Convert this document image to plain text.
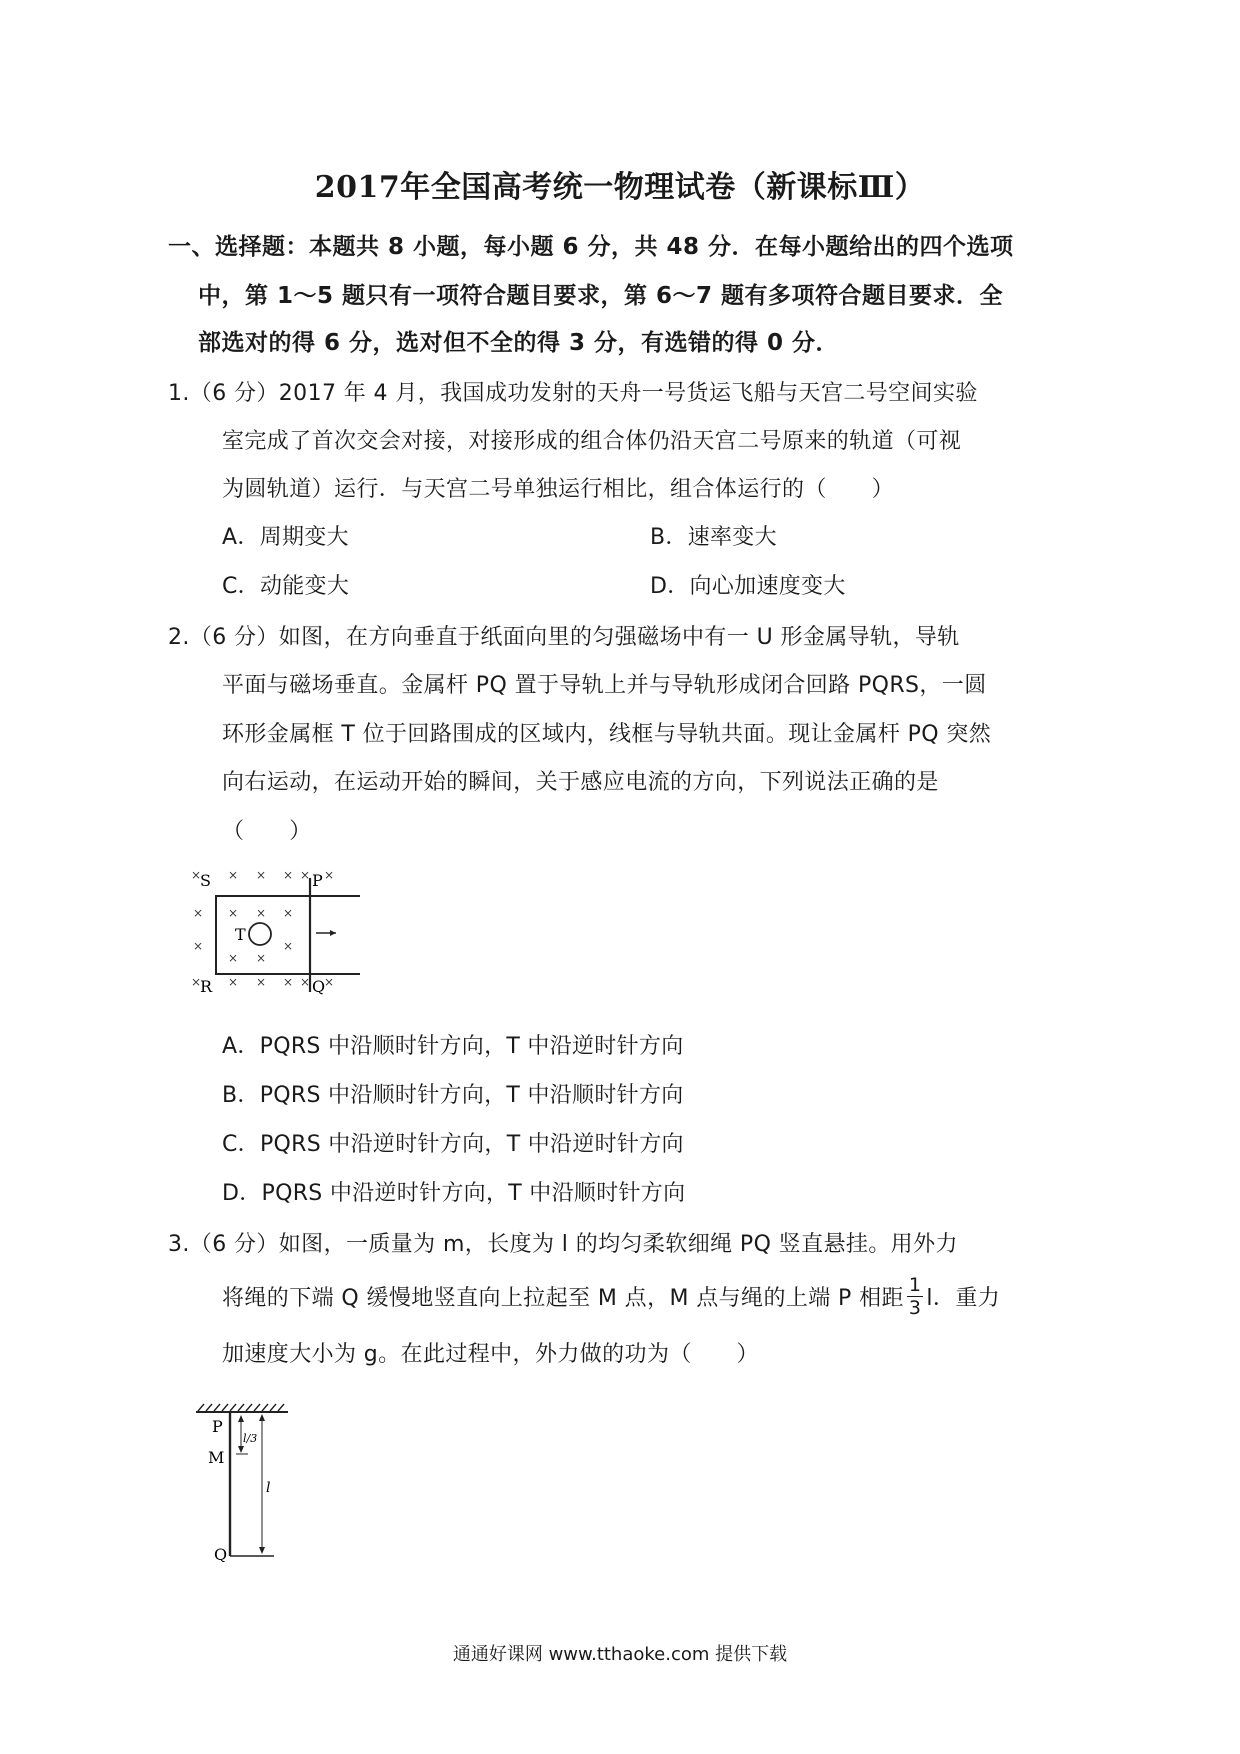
2017年全国高考统一物理试卷（新课标Ⅲ）
一、选择题：本题共 8 小题，每小题 6 分，共 48 分．在每小题给出的四个选项
中，第 1～5 题只有一项符合题目要求，第 6～7 题有多项符合题目要求．全
部选对的得 6 分，选对但不全的得 3 分，有选错的得 0 分．
1.（6 分）2017 年 4 月，我国成功发射的天舟一号货运飞船与天宫二号空间实验
室完成了首次交会对接，对接形成的组合体仍沿天宫二号原来的轨道（可视
为圆轨道）运行．与天宫二号单独运行相比，组合体运行的（　　）
A．周期变大	B．速率变大
C．动能变大	D．向心加速度变大
2.（6 分）如图，在方向垂直于纸面向里的匀强磁场中有一 U 形金属导轨，导轨
平面与磁场垂直。金属杆 PQ 置于导轨上并与导轨形成闭合回路 PQRS，一圆
环形金属框 T 位于回路围成的区域内，线框与导轨共面。现让金属杆 PQ 突然
向右运动，在运动开始的瞬间，关于感应电流的方向，下列说法正确的是
（　　）
S	P
T
R	Q
× × × × × ×
× × × ×
×	×
× ×
× × × × × ×
A．PQRS 中沿顺时针方向，T 中沿逆时针方向
B．PQRS 中沿顺时针方向，T 中沿顺时针方向
C．PQRS 中沿逆时针方向，T 中沿逆时针方向
D．PQRS 中沿逆时针方向，T 中沿顺时针方向
3.（6 分）如图，一质量为 m，长度为 l 的均匀柔软细绳 PQ 竖直悬挂。用外力
将绳的下端 Q 缓慢地竖直向上拉起至 M 点，M 点与绳的上端 P 相距 $\frac{1}{3}$ l．重力
加速度大小为 g。在此过程中，外力做的功为（　　）
P
M
Q
l/3
l
通通好课网 www.tthaoke.com 提供下载
